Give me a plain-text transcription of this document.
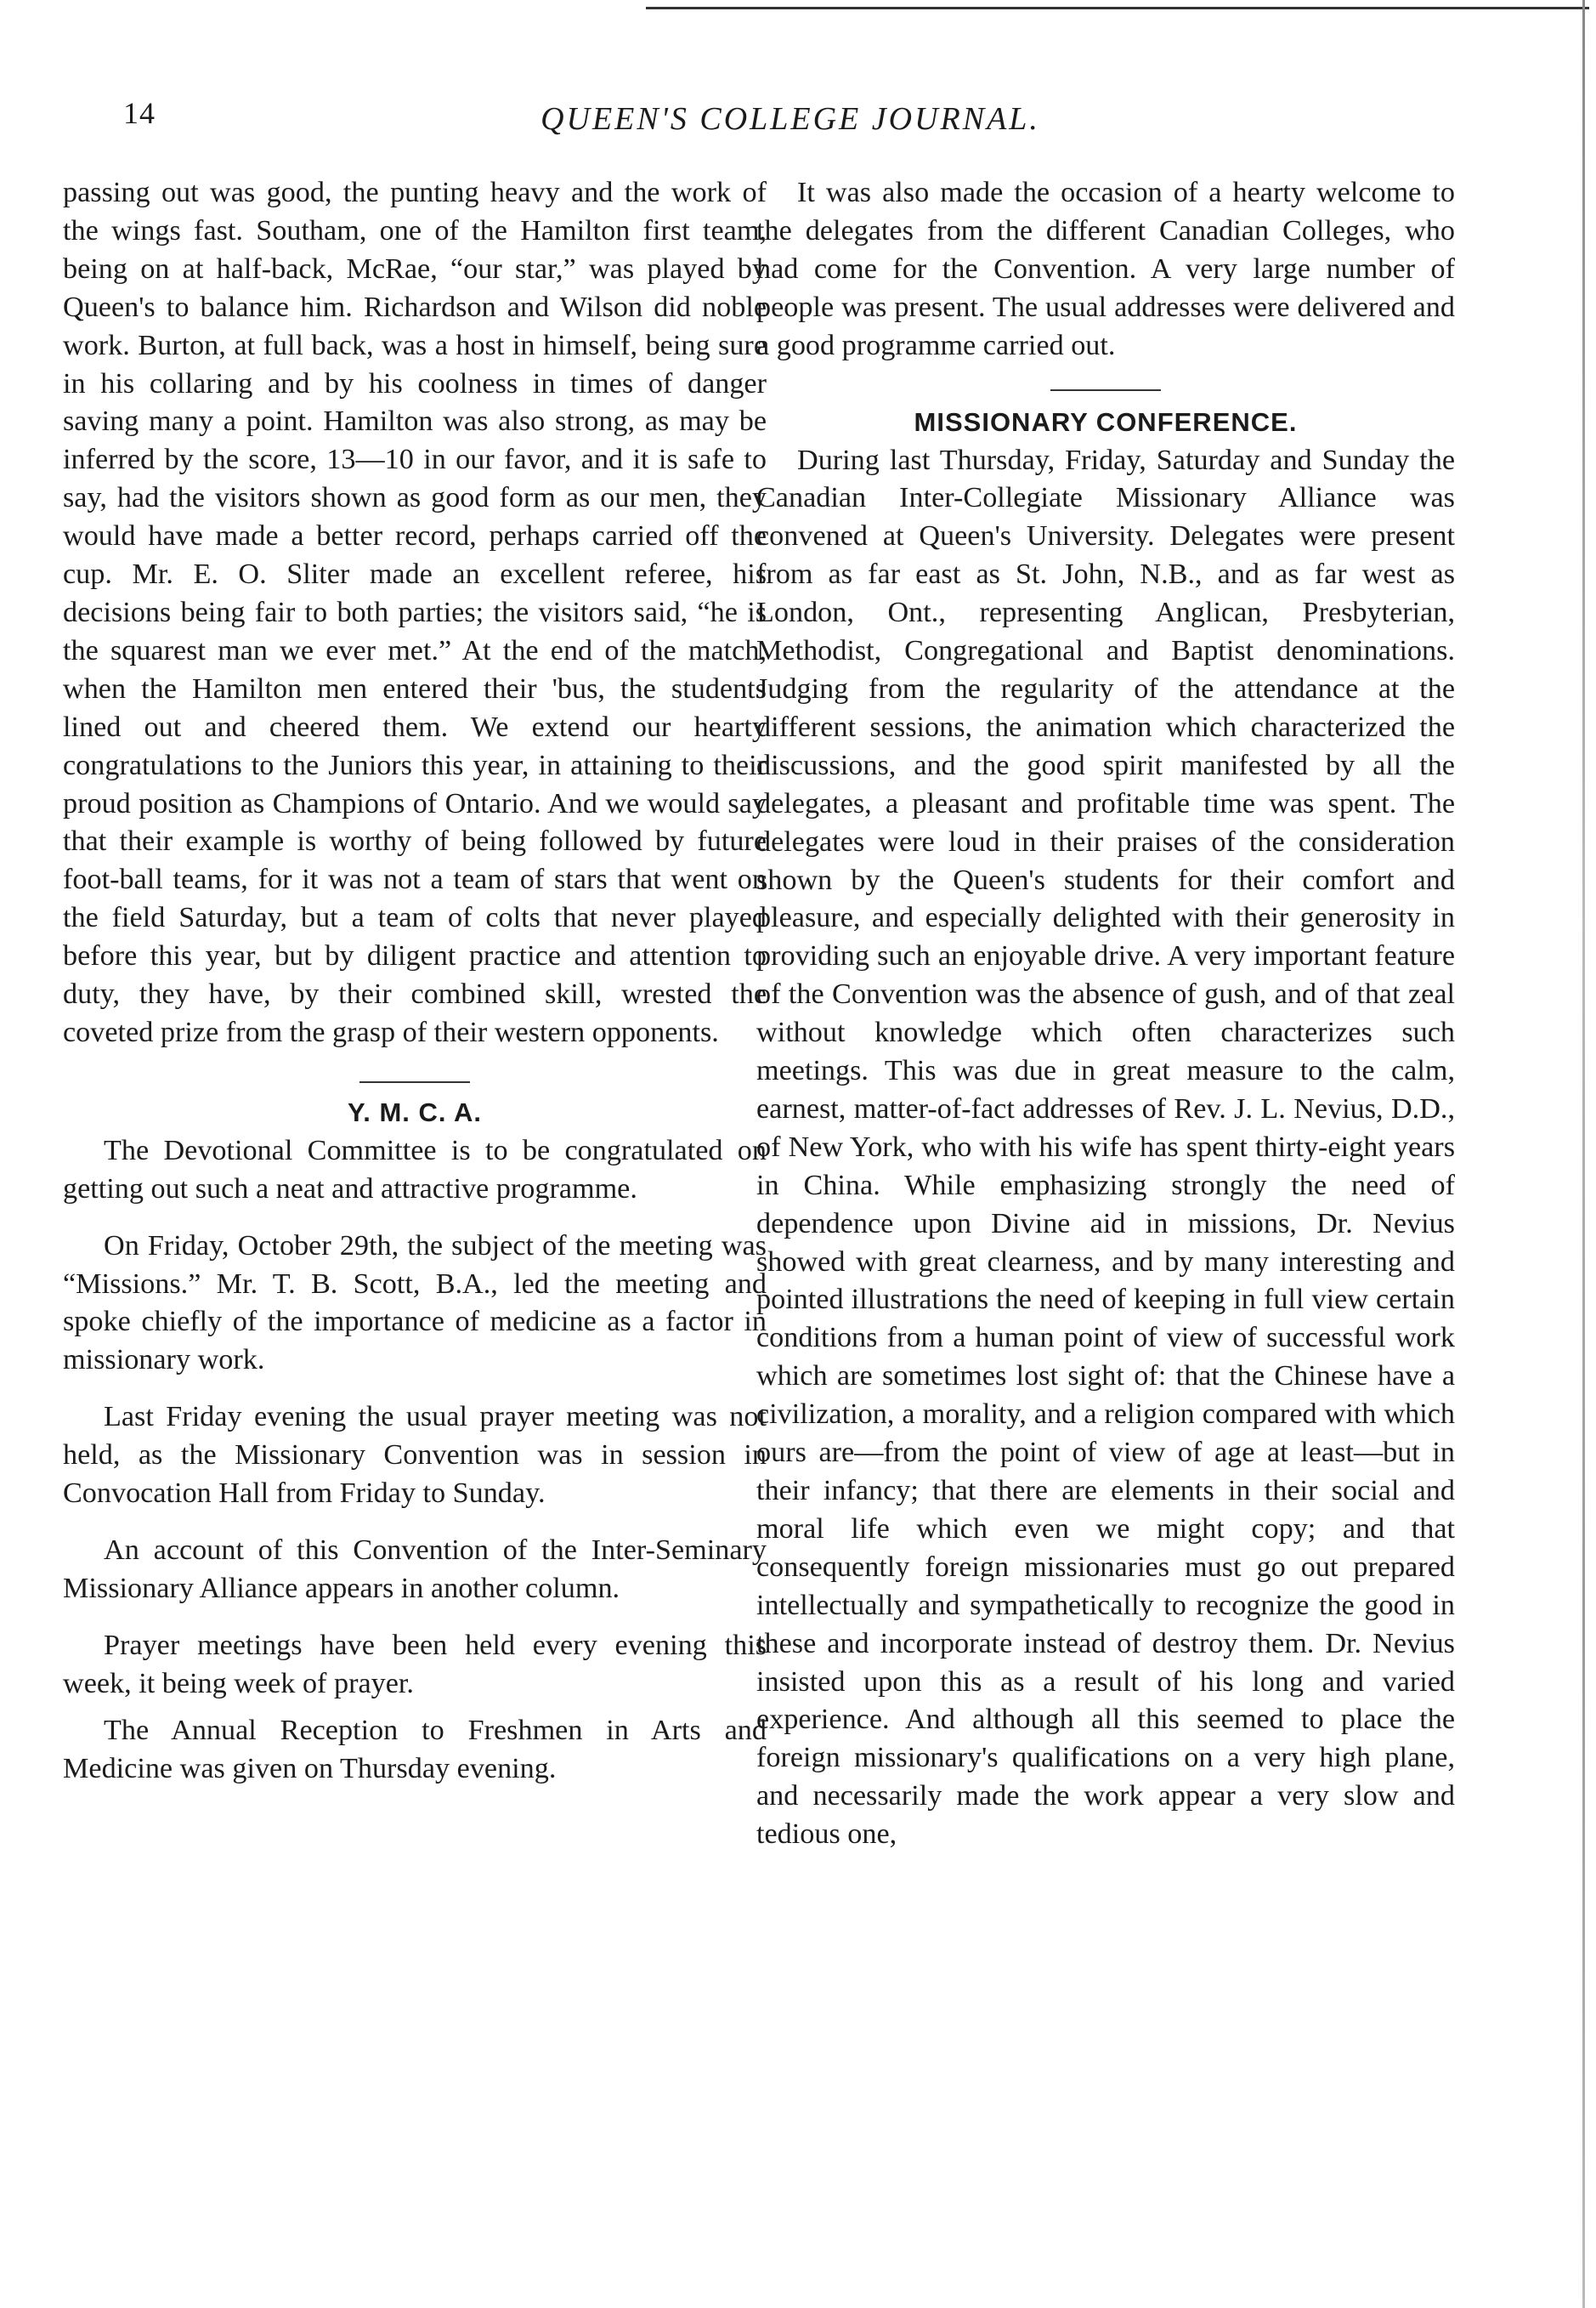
14	QUEEN'S COLLEGE JOURNAL.

passing out was good, the punting heavy and the work of the wings fast. Southam, one of the Hamilton first team, being on at half-back, McRae, “our star,” was played by Queen's to balance him. Richardson and Wilson did noble work. Burton, at full back, was a host in himself, being sure in his collaring and by his coolness in times of danger saving many a point. Hamilton was also strong, as may be inferred by the score, 13—10 in our favor, and it is safe to say, had the visitors shown as good form as our men, they would have made a better record, perhaps carried off the cup. Mr. E. O. Sliter made an excellent referee, his decisions being fair to both parties; the visitors said, “he is the squarest man we ever met.” At the end of the match, when the Hamilton men entered their 'bus, the students lined out and cheered them. We extend our hearty congratulations to the Juniors this year, in attaining to their proud position as Champions of Ontario. And we would say that their example is worthy of being followed by future foot-ball teams, for it was not a team of stars that went on the field Saturday, but a team of colts that never played before this year, but by diligent practice and attention to duty, they have, by their combined skill, wrested the coveted prize from the grasp of their western opponents.

Y. M. C. A.

The Devotional Committee is to be congratulated on getting out such a neat and attractive programme.

On Friday, October 29th, the subject of the meeting was “Missions.” Mr. T. B. Scott, B.A., led the meeting and spoke chiefly of the importance of medicine as a factor in missionary work.

Last Friday evening the usual prayer meeting was not held, as the Missionary Convention was in session in Convocation Hall from Friday to Sunday.

An account of this Convention of the Inter-Seminary Missionary Alliance appears in another column.

Prayer meetings have been held every evening this week, it being week of prayer.

The Annual Reception to Freshmen in Arts and Medicine was given on Thursday evening.

It was also made the occasion of a hearty welcome to the delegates from the different Canadian Colleges, who had come for the Convention. A very large number of people was present. The usual addresses were delivered and a good programme carried out.

MISSIONARY CONFERENCE.

During last Thursday, Friday, Saturday and Sunday the Canadian Inter-Collegiate Missionary Alliance was convened at Queen's University. Delegates were present from as far east as St. John, N.B., and as far west as London, Ont., representing Anglican, Presbyterian, Methodist, Congregational and Baptist denominations. Judging from the regularity of the attendance at the different sessions, the animation which characterized the discussions, and the good spirit manifested by all the delegates, a pleasant and profitable time was spent. The delegates were loud in their praises of the consideration shown by the Queen's students for their comfort and pleasure, and especially delighted with their generosity in providing such an enjoyable drive. A very important feature of the Convention was the absence of gush, and of that zeal without knowledge which often characterizes such meetings. This was due in great measure to the calm, earnest, matter-of-fact addresses of Rev. J. L. Nevius, D.D., of New York, who with his wife has spent thirty-eight years in China. While emphasizing strongly the need of dependence upon Divine aid in missions, Dr. Nevius showed with great clearness, and by many interesting and pointed illustrations the need of keeping in full view certain conditions from a human point of view of successful work which are sometimes lost sight of: that the Chinese have a civilization, a morality, and a religion compared with which ours are—from the point of view of age at least—but in their infancy; that there are elements in their social and moral life which even we might copy; and that consequently foreign missionaries must go out prepared intellectually and sympathetically to recognize the good in these and incorporate instead of destroy them. Dr. Nevius insisted upon this as a result of his long and varied experience. And although all this seemed to place the foreign missionary's qualifications on a very high plane, and necessarily made the work appear a very slow and tedious one,
